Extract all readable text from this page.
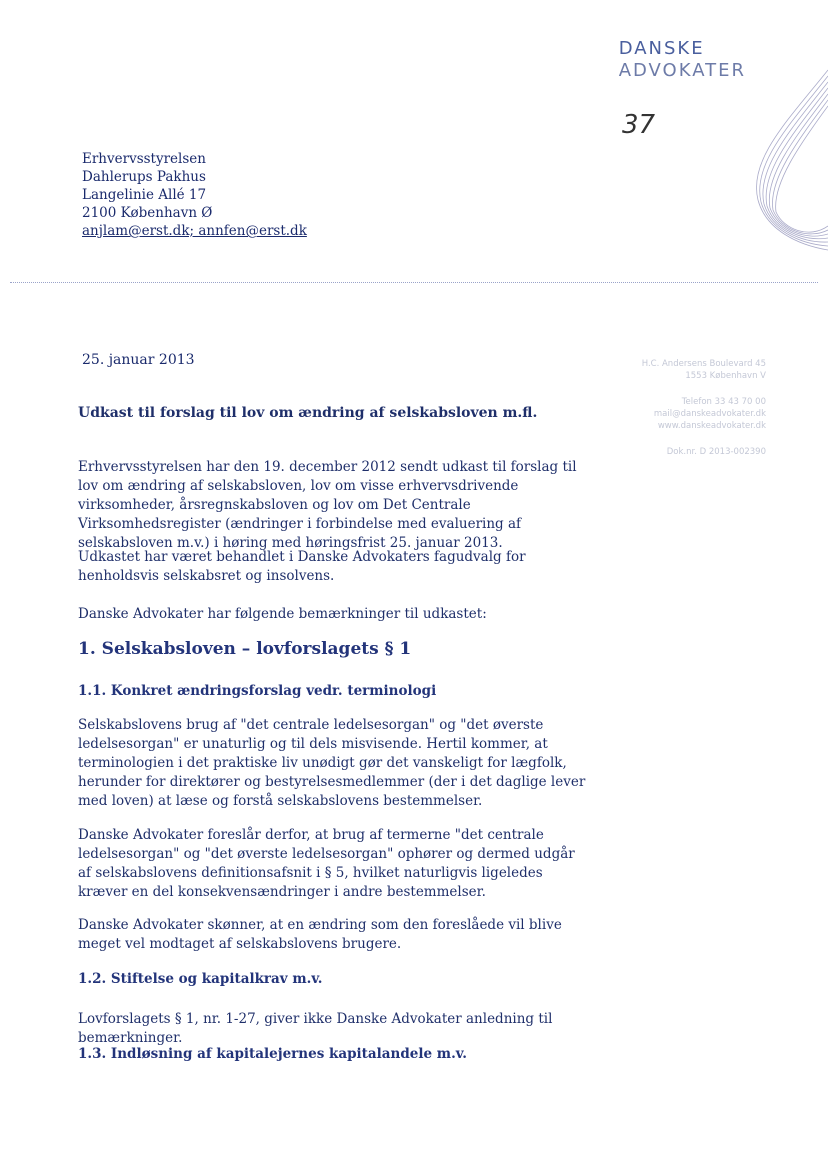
DANSKE
ADVOKATER
37
Erhvervsstyrelsen
Dahlerups Pakhus
Langelinie Allé 17
2100 København Ø
anjlam@erst.dk; annfen@erst.dk
H.C. Andersens Boulevard 45
1553 København V
Telefon 33 43 70 00
mail@danskeadvokater.dk
www.danskeadvokater.dk
Dok.nr. D 2013-002390
25. januar 2013
Udkast til forslag til lov om ændring af selskabsloven m.fl.

Erhvervsstyrelsen har den 19. december 2012 sendt udkast til forslag til lov om ændring af selskabsloven, lov om visse erhvervsdrivende virksomheder, årsregnskabsloven og lov om Det Centrale Virksomhedsregister (ændringer i forbindelse med evaluering af selskabsloven m.v.) i høring med høringsfrist 25. januar 2013.

Udkastet har været behandlet i Danske Advokaters fagudvalg for henholdsvis selskabsret og insolvens.

Danske Advokater har følgende bemærkninger til udkastet:

1. Selskabsloven – lovforslagets § 1
1.1. Konkret ændringsforslag vedr. terminologi

Selskabslovens brug af "det centrale ledelsesorgan" og "det øverste ledelsesorgan" er unaturlig og til dels misvisende. Hertil kommer, at terminologien i det praktiske liv unødigt gør det vanskeligt for lægfolk, herunder for direktører og bestyrelsesmedlemmer (der i det daglige lever med loven) at læse og forstå selskabslovens bestemmelser.

Danske Advokater foreslår derfor, at brug af termerne "det centrale ledelsesorgan" og "det øverste ledelsesorgan" ophører og dermed udgår af selskabslovens definitionsafsnit i § 5, hvilket naturligvis ligeledes kræver en del konsekvensændringer i andre bestemmelser.

Danske Advokater skønner, at en ændring som den foreslåede vil blive meget vel modtaget af selskabslovens brugere.

1.2. Stiftelse og kapitalkrav m.v.

Lovforslagets § 1, nr. 1-27, giver ikke Danske Advokater anledning til bemærkninger.

1.3. Indløsning af kapitalejernes kapitalandele m.v.
